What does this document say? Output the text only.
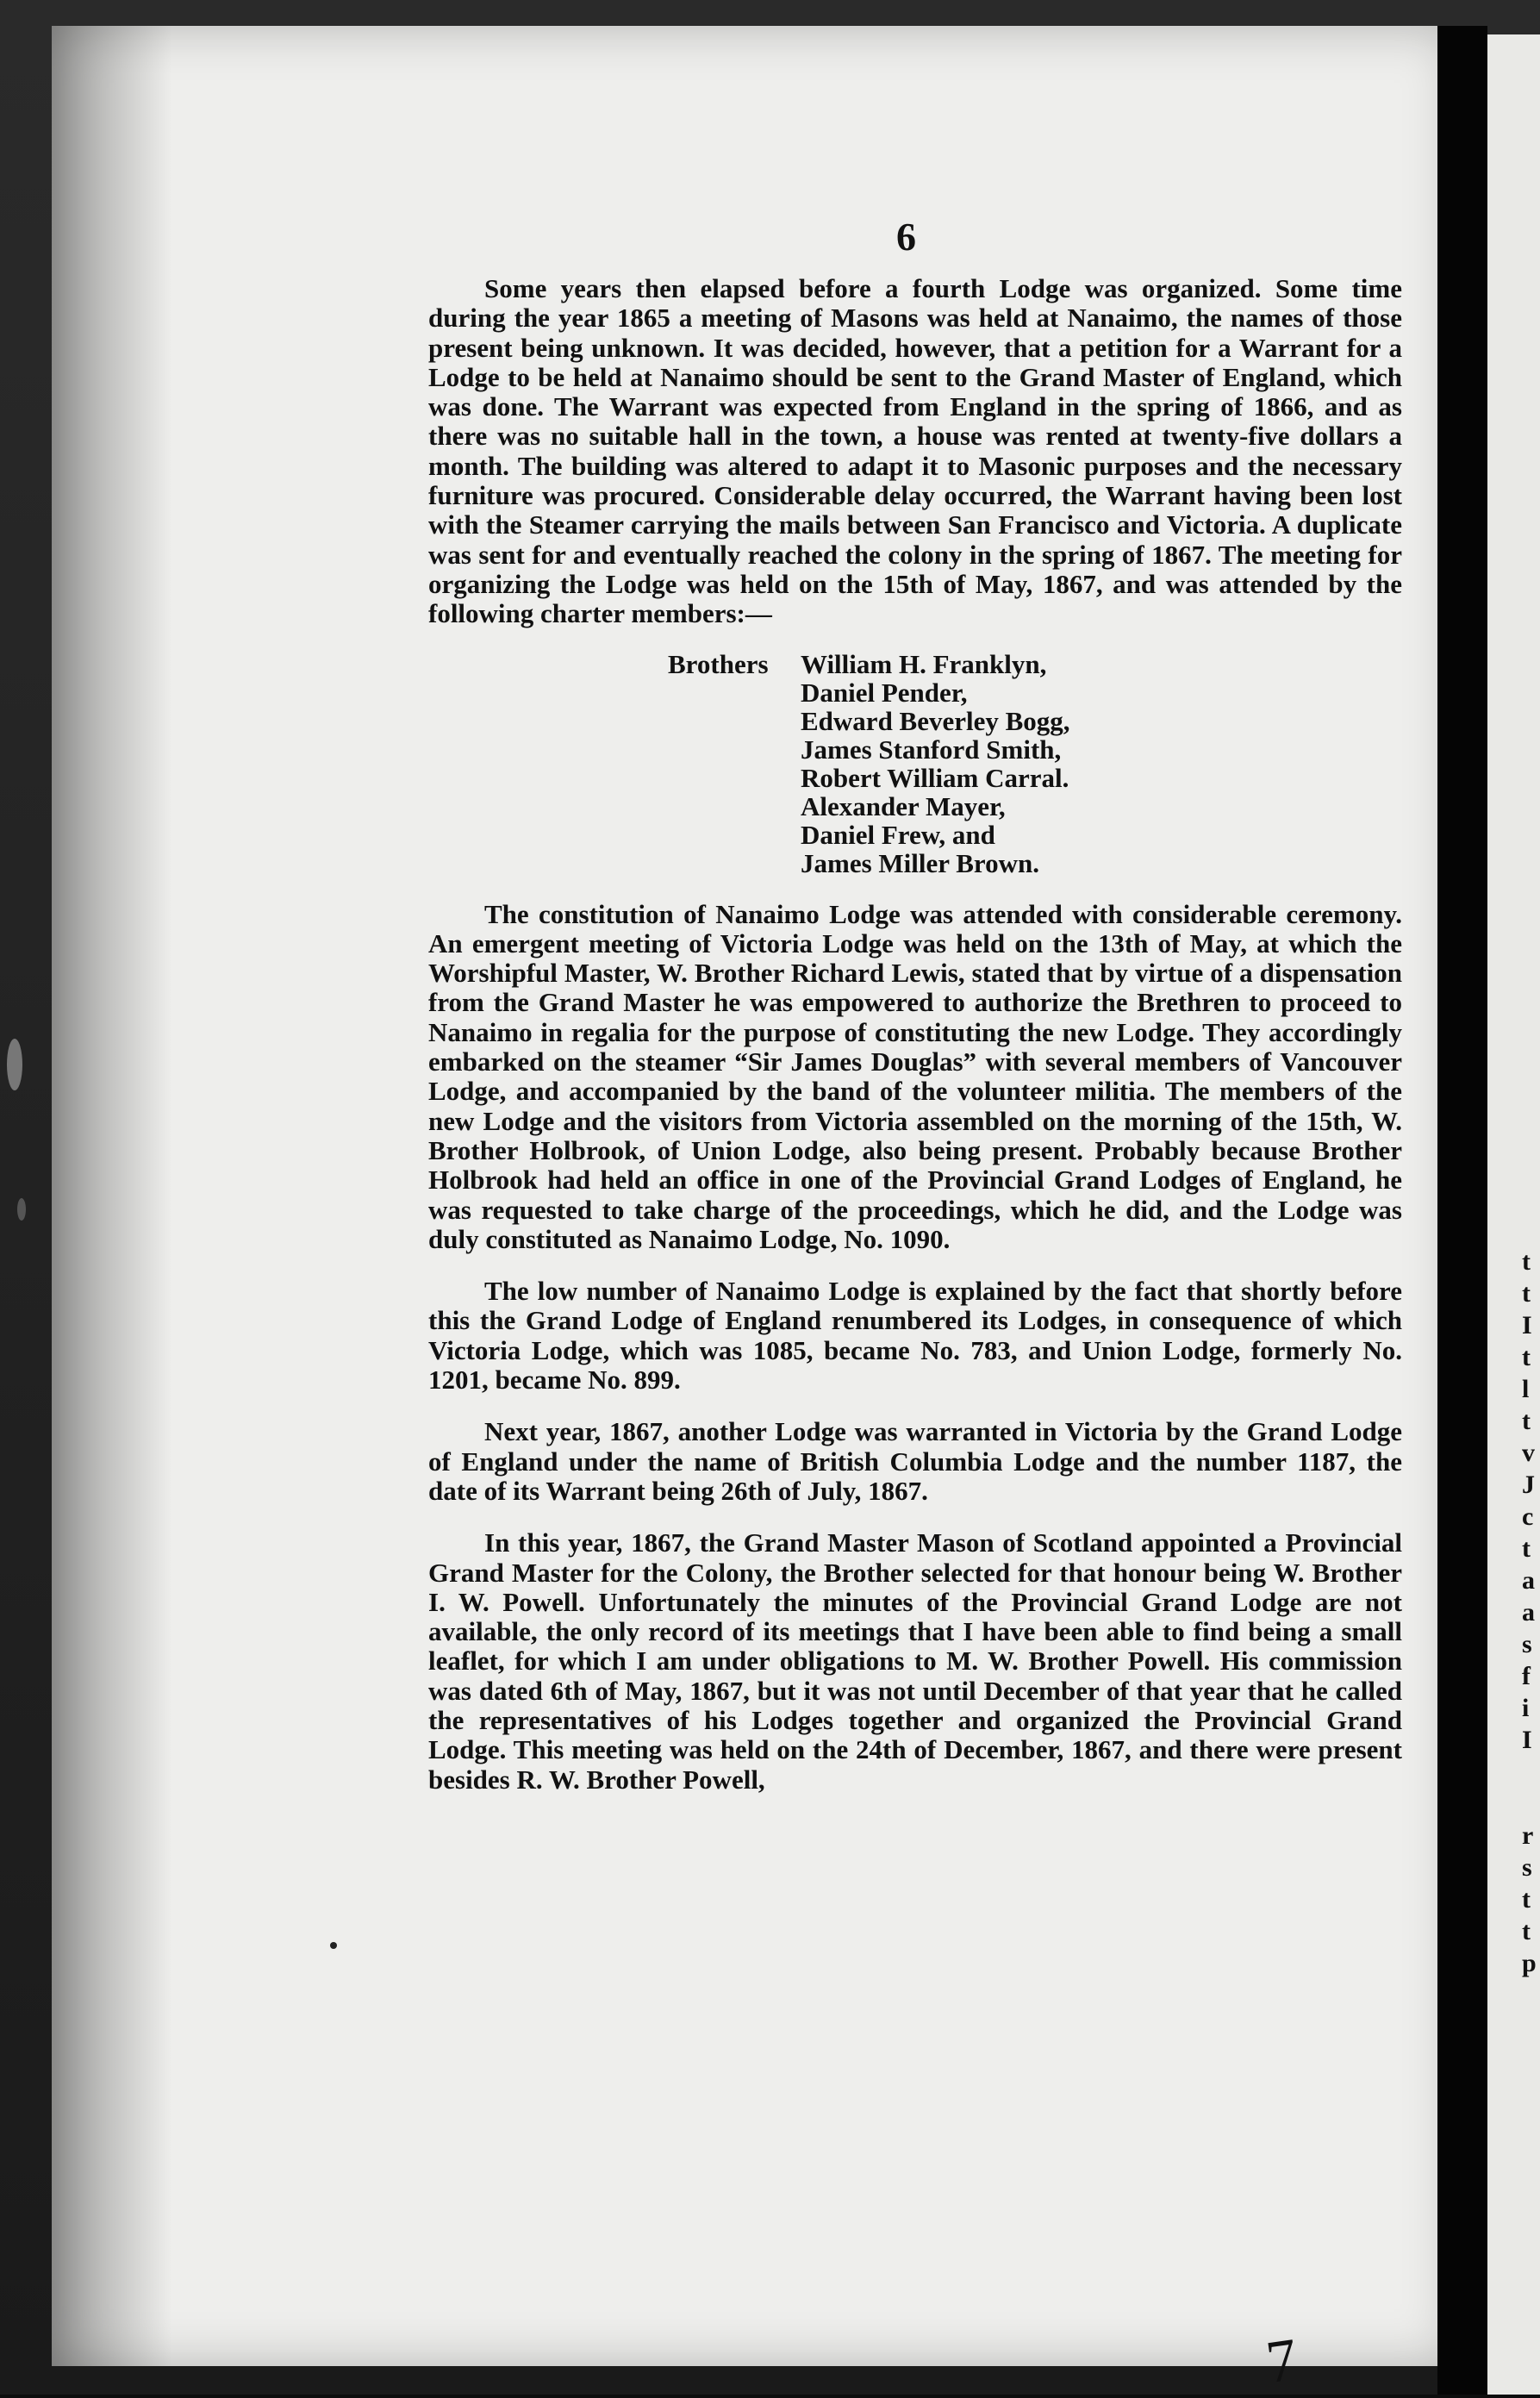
t
t
I
t
l
t
v
J
c
t
a
a
s
f
i
I

r
s
t
t
p
6

Some years then elapsed before a fourth Lodge was organized. Some time during the year 1865 a meeting of Masons was held at Nanaimo, the names of those present being unknown. It was decided, however, that a petition for a Warrant for a Lodge to be held at Nanaimo should be sent to the Grand Master of England, which was done. The Warrant was expected from England in the spring of 1866, and as there was no suitable hall in the town, a house was rented at twenty-five dollars a month. The building was altered to adapt it to Masonic purposes and the necessary furniture was procured. Considerable delay occurred, the Warrant having been lost with the Steamer carrying the mails between San Francisco and Victoria. A duplicate was sent for and eventually reached the colony in the spring of 1867. The meeting for organizing the Lodge was held on the 15th of May, 1867, and was attended by the following charter members:—

Brothers William H. Franklyn,
Daniel Pender,
Edward Beverley Bogg,
James Stanford Smith,
Robert William Carral.
Alexander Mayer,
Daniel Frew, and
James Miller Brown.

The constitution of Nanaimo Lodge was attended with considerable ceremony. An emergent meeting of Victoria Lodge was held on the 13th of May, at which the Worshipful Master, W. Brother Richard Lewis, stated that by virtue of a dispensation from the Grand Master he was empowered to authorize the Brethren to proceed to Nanaimo in regalia for the purpose of constituting the new Lodge. They accordingly embarked on the steamer “Sir James Douglas” with several members of Vancouver Lodge, and accompanied by the band of the volunteer militia. The members of the new Lodge and the visitors from Victoria assembled on the morning of the 15th, W. Brother Holbrook, of Union Lodge, also being present. Probably because Brother Holbrook had held an office in one of the Provincial Grand Lodges of England, he was requested to take charge of the proceedings, which he did, and the Lodge was duly constituted as Nanaimo Lodge, No. 1090.

The low number of Nanaimo Lodge is explained by the fact that shortly before this the Grand Lodge of England renumbered its Lodges, in consequence of which Victoria Lodge, which was 1085, became No. 783, and Union Lodge, formerly No. 1201, became No. 899.

Next year, 1867, another Lodge was warranted in Victoria by the Grand Lodge of England under the name of British Columbia Lodge and the number 1187, the date of its Warrant being 26th of July, 1867.

In this year, 1867, the Grand Master Mason of Scotland appointed a Provincial Grand Master for the Colony, the Brother selected for that honour being W. Brother I. W. Powell. Unfortunately the minutes of the Provincial Grand Lodge are not available, the only record of its meetings that I have been able to find being a small leaflet, for which I am under obligations to M. W. Brother Powell. His commission was dated 6th of May, 1867, but it was not until December of that year that he called the representatives of his Lodges together and organized the Provincial Grand Lodge. This meeting was held on the 24th of December, 1867, and there were present besides R. W. Brother Powell,

7
